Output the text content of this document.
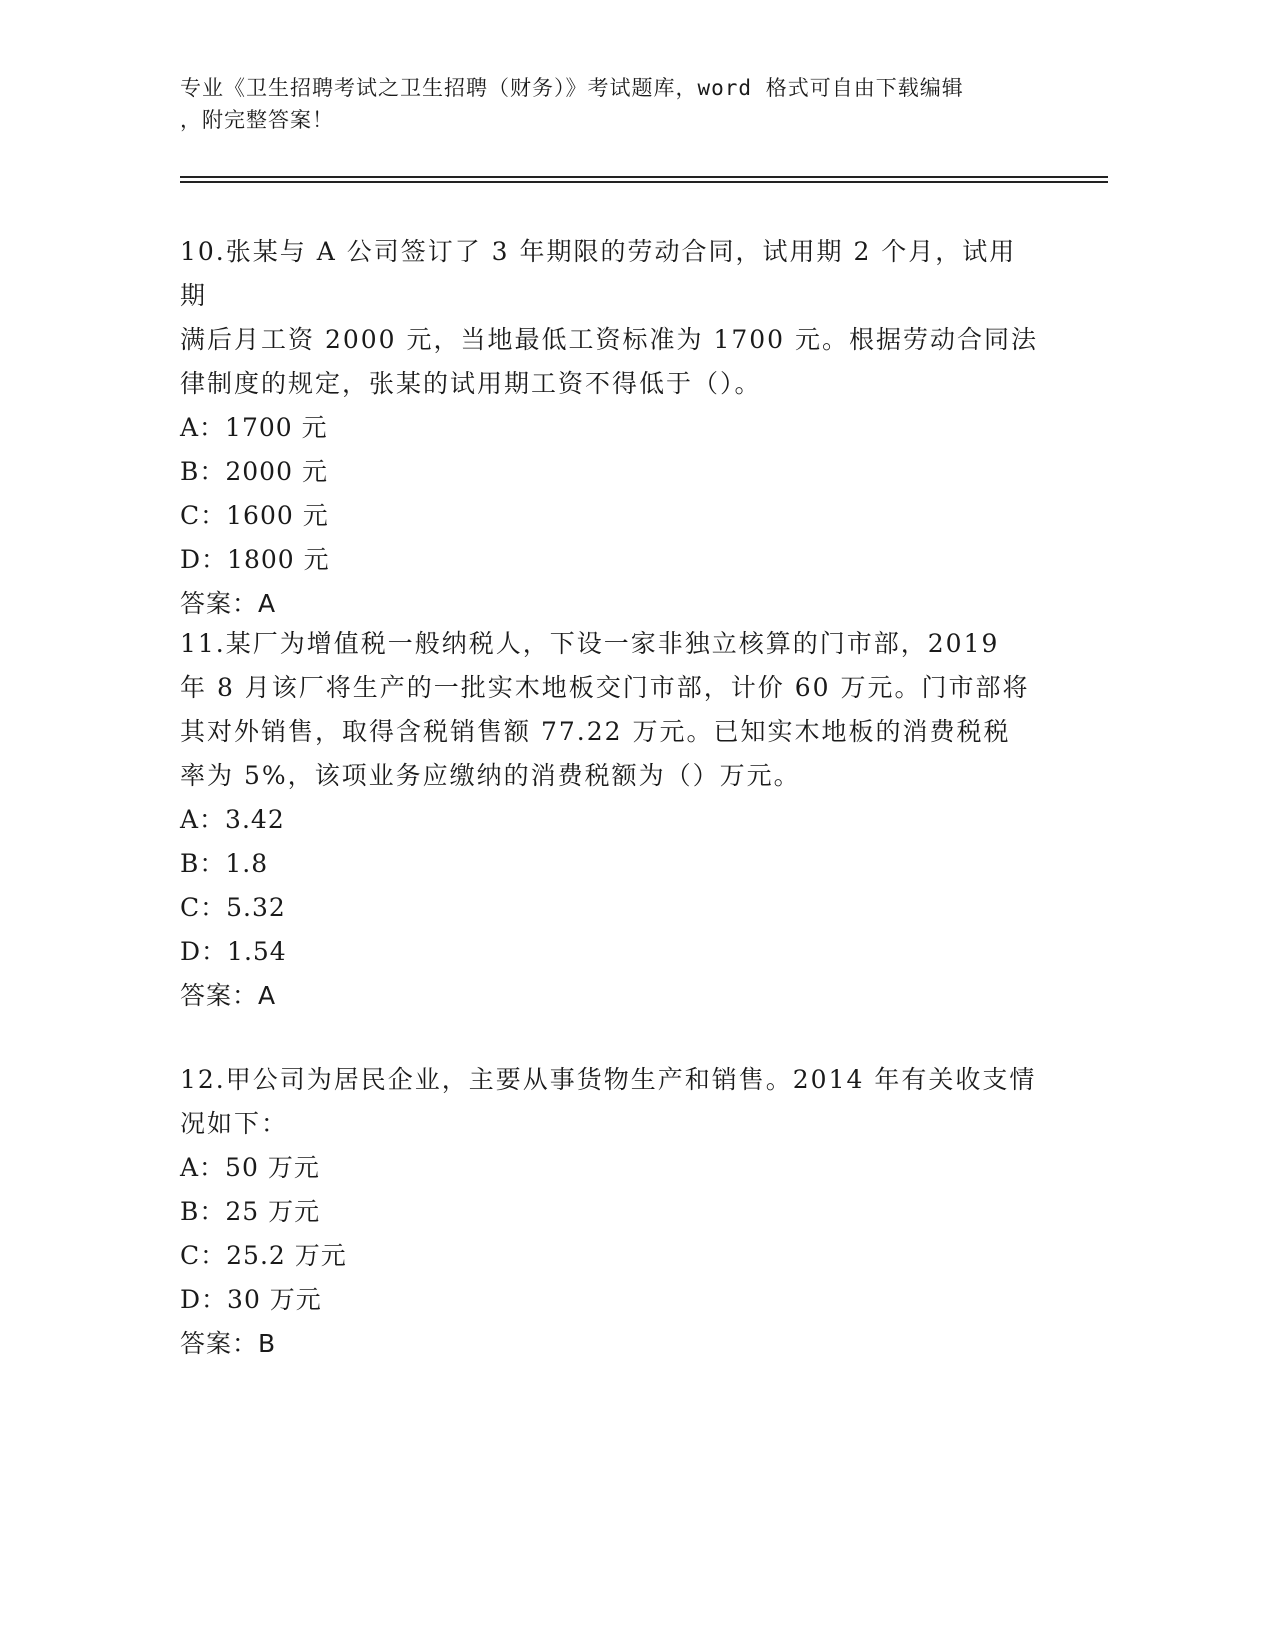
专业《卫生招聘考试之卫生招聘（财务）》考试题库，word 格式可自由下载编辑

，附完整答案！

10.张某与 A 公司签订了 3 年期限的劳动合同，试用期 2 个月，试用期

满后月工资 2000 元，当地最低工资标准为 1700 元。根据劳动合同法

律制度的规定，张某的试用期工资不得低于（）。

A：1700 元

B：2000 元

C：1600 元

D：1800 元

答案：A

11.某厂为增值税一般纳税人，下设一家非独立核算的门市部，2019

年 8 月该厂将生产的一批实木地板交门市部，计价 60 万元。门市部将

其对外销售，取得含税销售额 77.22 万元。已知实木地板的消费税税

率为 5%，该项业务应缴纳的消费税额为（）万元。

A：3.42

B：1.8

C：5.32

D：1.54

答案：A

12.甲公司为居民企业，主要从事货物生产和销售。2014 年有关收支情

况如下：

A：50 万元

B：25 万元

C：25.2 万元

D：30 万元

答案：B
